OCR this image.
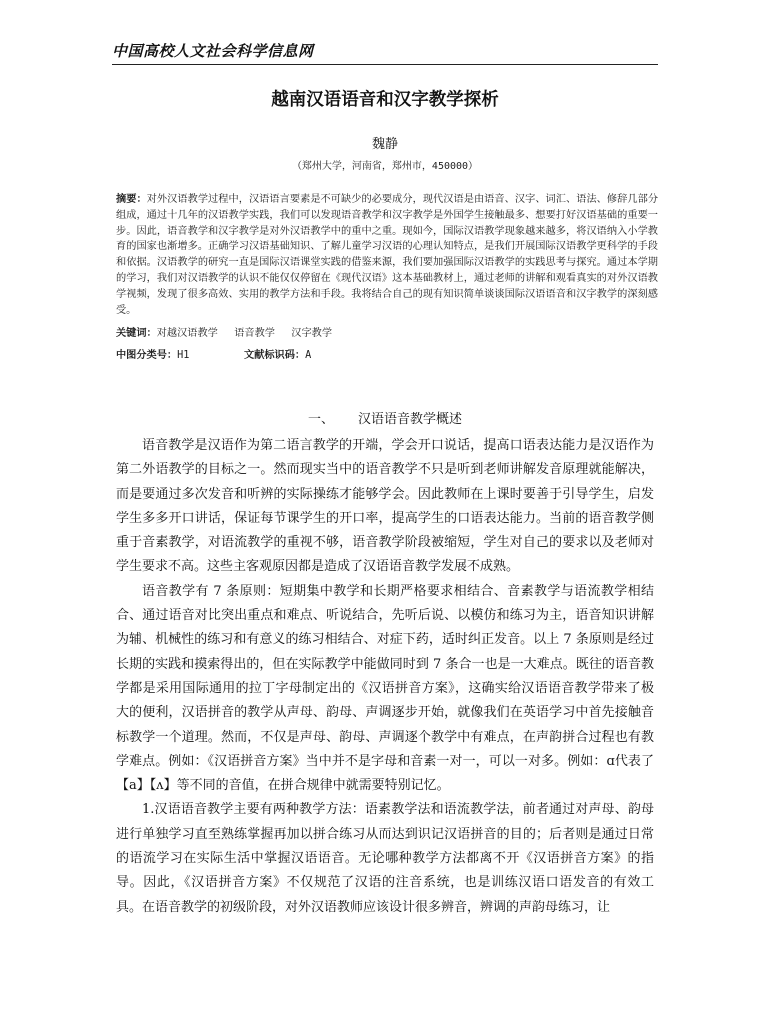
中国高校人文社会科学信息网
越南汉语语音和汉字教学探析
魏静
（郑州大学，河南省，郑州市，450000）
摘要：对外汉语教学过程中，汉语语言要素是不可缺少的必要成分，现代汉语是由语音、汉字、词汇、语法、修辞几部分组成，通过十几年的汉语教学实践，我们可以发现语音教学和汉字教学是外国学生接触最多、想要打好汉语基础的重要一步。因此，语音教学和汉字教学是对外汉语教学中的重中之重。现如今，国际汉语教学现象越来越多，将汉语纳入小学教育的国家也渐增多。正确学习汉语基础知识、了解儿童学习汉语的心理认知特点，是我们开展国际汉语教学更科学的手段和依据。汉语教学的研究一直是国际汉语课堂实践的借鉴来源，我们要加强国际汉语教学的实践思考与探究。通过本学期的学习，我们对汉语教学的认识不能仅仅停留在《现代汉语》这本基础教材上，通过老师的讲解和观看真实的对外汉语教学视频，发现了很多高效、实用的教学方法和手段。我将结合自己的现有知识简单谈谈国际汉语语音和汉字教学的深刻感受。
关键词：对越汉语教学　 语音教学　 汉字教学
中图分类号：H1	文献标识码：A
一、 汉语语音教学概述

语音教学是汉语作为第二语言教学的开端，学会开口说话，提高口语表达能力是汉语作为第二外语教学的目标之一。然而现实当中的语音教学不只是听到老师讲解发音原理就能解决，而是要通过多次发音和听辨的实际操练才能够学会。因此教师在上课时要善于引导学生，启发学生多多开口讲话，保证每节课学生的开口率，提高学生的口语表达能力。当前的语音教学侧重于音素教学，对语流教学的重视不够，语音教学阶段被缩短，学生对自己的要求以及老师对学生要求不高。这些主客观原因都是造成了汉语语音教学发展不成熟。

语音教学有 7 条原则：短期集中教学和长期严格要求相结合、音素教学与语流教学相结合、通过语音对比突出重点和难点、听说结合，先听后说、以模仿和练习为主，语音知识讲解为辅、机械性的练习和有意义的练习相结合、对症下药，适时纠正发音。以上 7 条原则是经过长期的实践和摸索得出的，但在实际教学中能做同时到 7 条合一也是一大难点。既往的语音教学都是采用国际通用的拉丁字母制定出的《汉语拼音方案》，这确实给汉语语音教学带来了极大的便利，汉语拼音的教学从声母、韵母、声调逐步开始，就像我们在英语学习中首先接触音标教学一个道理。然而，不仅是声母、韵母、声调逐个教学中有难点，在声韵拼合过程也有教学难点。例如：《汉语拼音方案》当中并不是字母和音素一对一，可以一对多。例如：ɑ代表了【a】【ʌ】等不同的音值，在拼合规律中就需要特别记忆。

1.汉语语音教学主要有两种教学方法：语素教学法和语流教学法，前者通过对声母、韵母进行单独学习直至熟练掌握再加以拼合练习从而达到识记汉语拼音的目的；后者则是通过日常的语流学习在实际生活中掌握汉语语音。无论哪种教学方法都离不开《汉语拼音方案》的指导。因此，《汉语拼音方案》不仅规范了汉语的注音系统，也是训练汉语口语发音的有效工具。在语音教学的初级阶段，对外汉语教师应该设计很多辨音，辨调的声韵母练习，让
